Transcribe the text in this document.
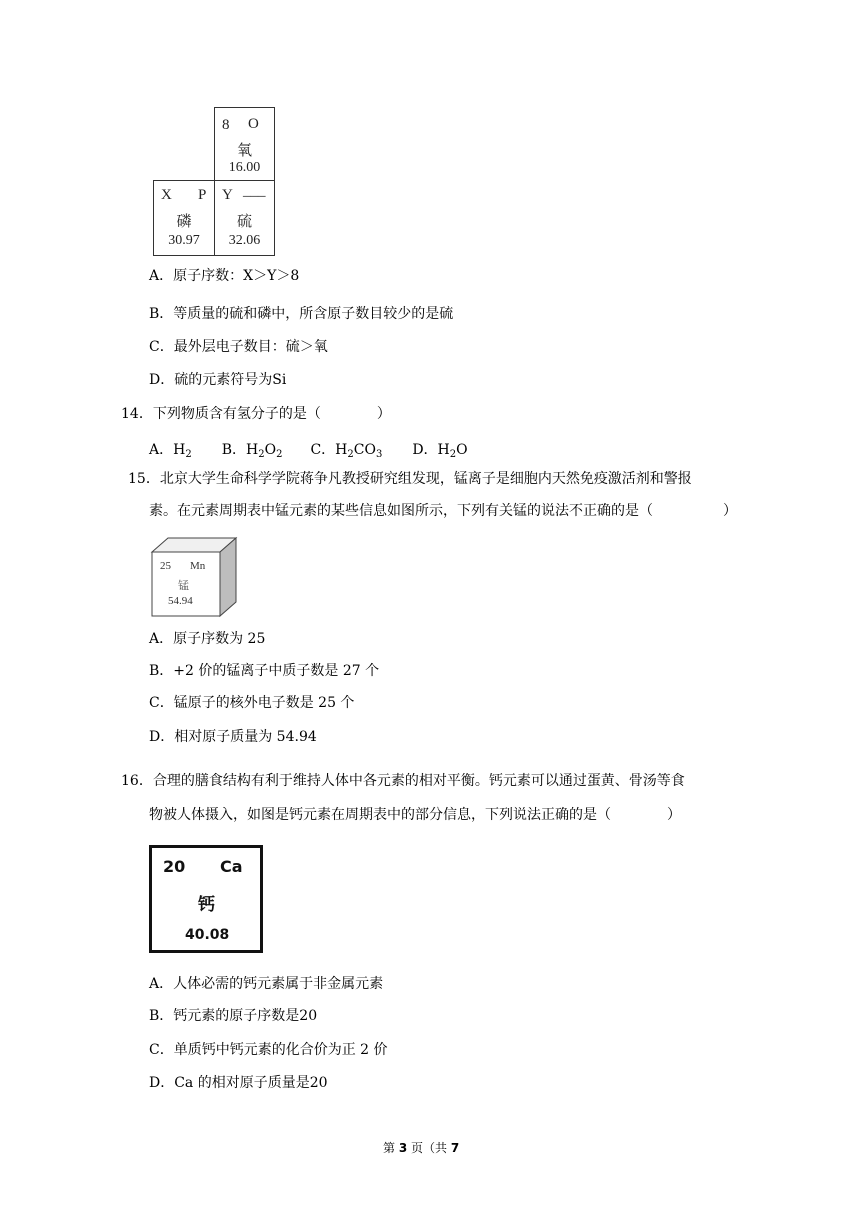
8 O
氧
16.00
X P
磷
30.97
Y ___
硫
32.06
A．原子序数：X＞Y＞8
B．等质量的硫和磷中，所含原子数目较少的是硫
C．最外层电子数目：硫＞氧
D．硫的元素符号为Si
14．下列物质含有氢分子的是（　　　　）
A．$H_2$ B．$H_2O_2$ C．$H_2CO_3$ D．$H_2O$
15．北京大学生命科学学院蒋争凡教授研究组发现，锰离子是细胞内天然免疫激活剂和警报
素。在元素周期表中锰元素的某些信息如图所示，下列有关锰的说法不正确的是（　　　　　）
25 Mn
锰
54.94
A．原子序数为 25
B．+2 价的锰离子中质子数是 27 个
C．锰原子的核外电子数是 25 个
D．相对原子质量为 54.94
16．合理的膳食结构有利于维持人体中各元素的相对平衡。钙元素可以通过蛋黄、骨汤等食
物被人体摄入，如图是钙元素在周期表中的部分信息，下列说法正确的是（　　　　）
20 Ca
钙
40.08
A．人体必需的钙元素属于非金属元素
B．钙元素的原子序数是20
C．单质钙中钙元素的化合价为正 2 价
D．Ca 的相对原子质量是20
第 3 页（共 7
